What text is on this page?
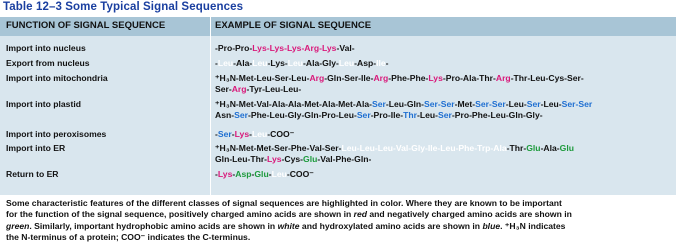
Table 12–3 Some Typical Signal Sequences
FUNCTION OF SIGNAL SEQUENCE	EXAMPLE OF SIGNAL SEQUENCE
Import into nucleus	-Pro-Pro-Lys-Lys-Lys-Arg-Lys-Val-
Export from nucleus	-Leu-Ala-Leu-Lys-Leu-Ala-Gly-Leu-Asp-Ile-
Import into mitochondria	⁺H₃N-Met-Leu-Ser-Leu-Arg-Gln-Ser-Ile-Arg-Phe-Phe-Lys-Pro-Ala-Thr-Arg-Thr-Leu-Cys-Ser-
Ser-Arg-Tyr-Leu-Leu-
Import into plastid	⁺H₃N-Met-Val-Ala-Ala-Met-Ala-Met-Ala-Ser-Leu-Gln-Ser-Ser-Met-Ser-Ser-Leu-Ser-Leu-Ser-Ser
Asn-Ser-Phe-Leu-Gly-Gln-Pro-Leu-Ser-Pro-Ile-Thr-Leu-Ser-Pro-Phe-Leu-Gln-Gly-
Import into peroxisomes	-Ser-Lys-Leu-COO⁻
Import into ER	⁺H₃N-Met-Met-Ser-Phe-Val-Ser-Leu-Leu-Leu-Val-Gly-Ile-Leu-Phe-Trp-Ala-Thr-Glu-Ala-Glu
Gln-Leu-Thr-Lys-Cys-Glu-Val-Phe-Gln-
Return to ER	-Lys-Asp-Glu-Leu-COO⁻
Some characteristic features of the different classes of signal sequences are highlighted in color. Where they are known to be important
for the function of the signal sequence, positively charged amino acids are shown in red and negatively charged amino acids are shown in
green. Similarly, important hydrophobic amino acids are shown in white and hydroxylated amino acids are shown in blue. ⁺H₃N indicates
the N-terminus of a protein; COO⁻ indicates the C-terminus.
